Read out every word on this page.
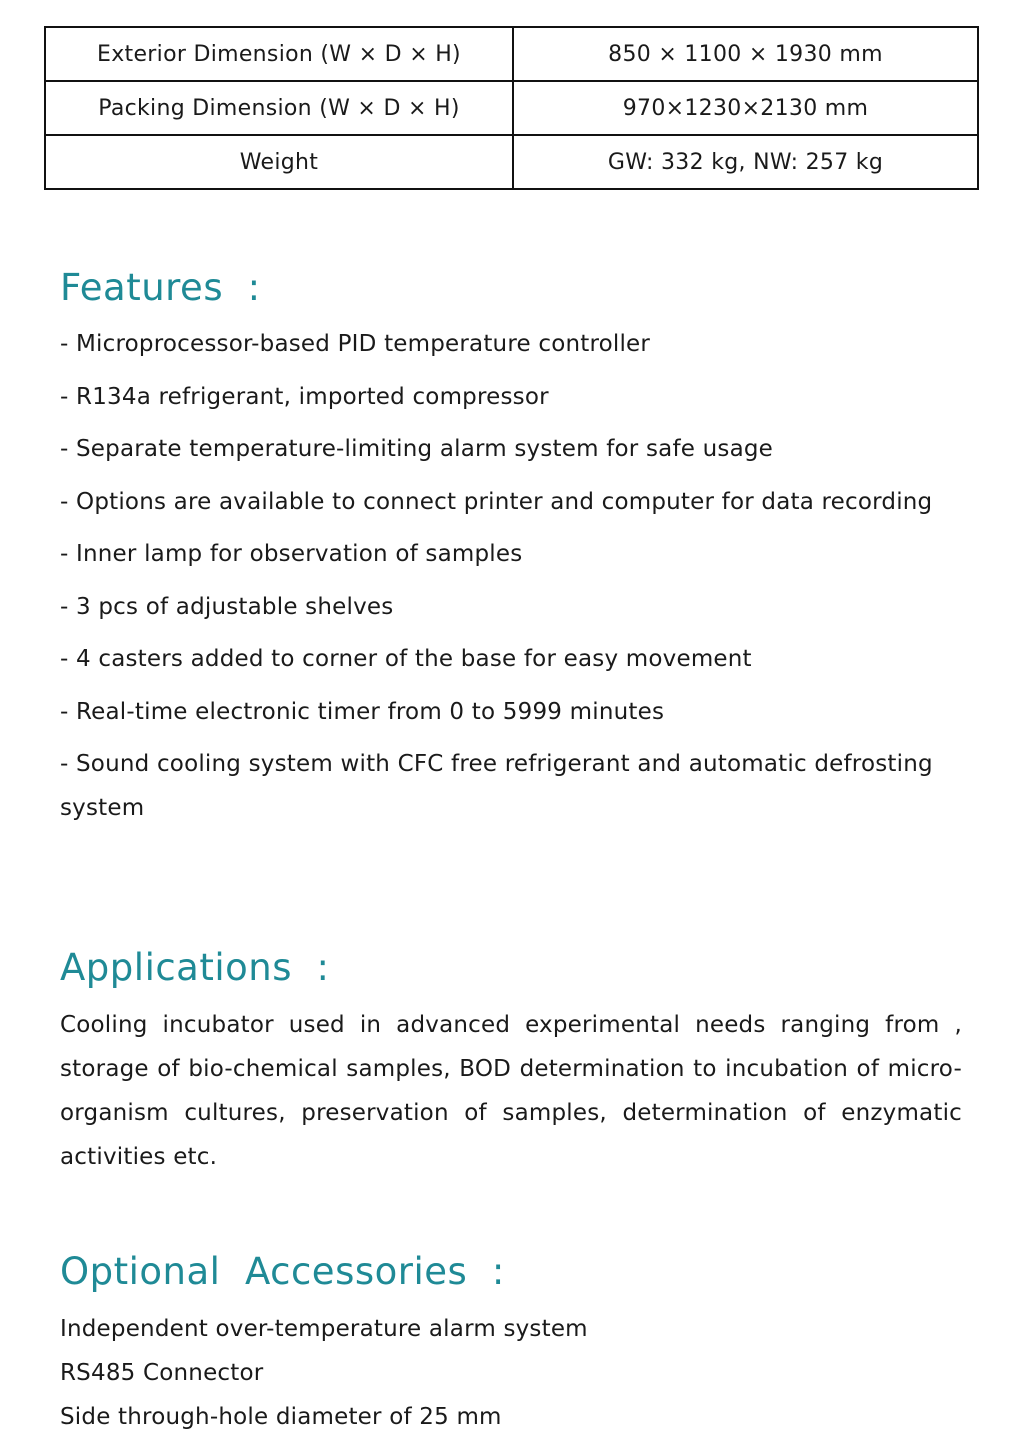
Exterior Dimension (W × D × H)	850 × 1100 × 1930 mm
Packing Dimension (W × D × H)	970×1230×2130 mm
Weight	GW: 332 kg, NW: 257 kg
Features  :
- Microprocessor-based PID temperature controller
- R134a refrigerant, imported compressor
- Separate temperature-limiting alarm system for safe usage
- Options are available to connect printer and computer for data recording
- Inner lamp for observation of samples
- 3 pcs of adjustable shelves
- 4 casters added to corner of the base for easy movement
- Real-time electronic timer from 0 to 5999 minutes
- Sound cooling system with CFC free refrigerant and automatic defrosting system
Applications  :

Cooling incubator used in advanced experimental needs ranging from , storage of bio-chemical samples, BOD determination to incubation of micro-organism cultures, preservation of samples, determination of enzymatic activities etc.

Optional  Accessories  :
Independent over-temperature alarm system
RS485 Connector
Side through-hole diameter of 25 mm
